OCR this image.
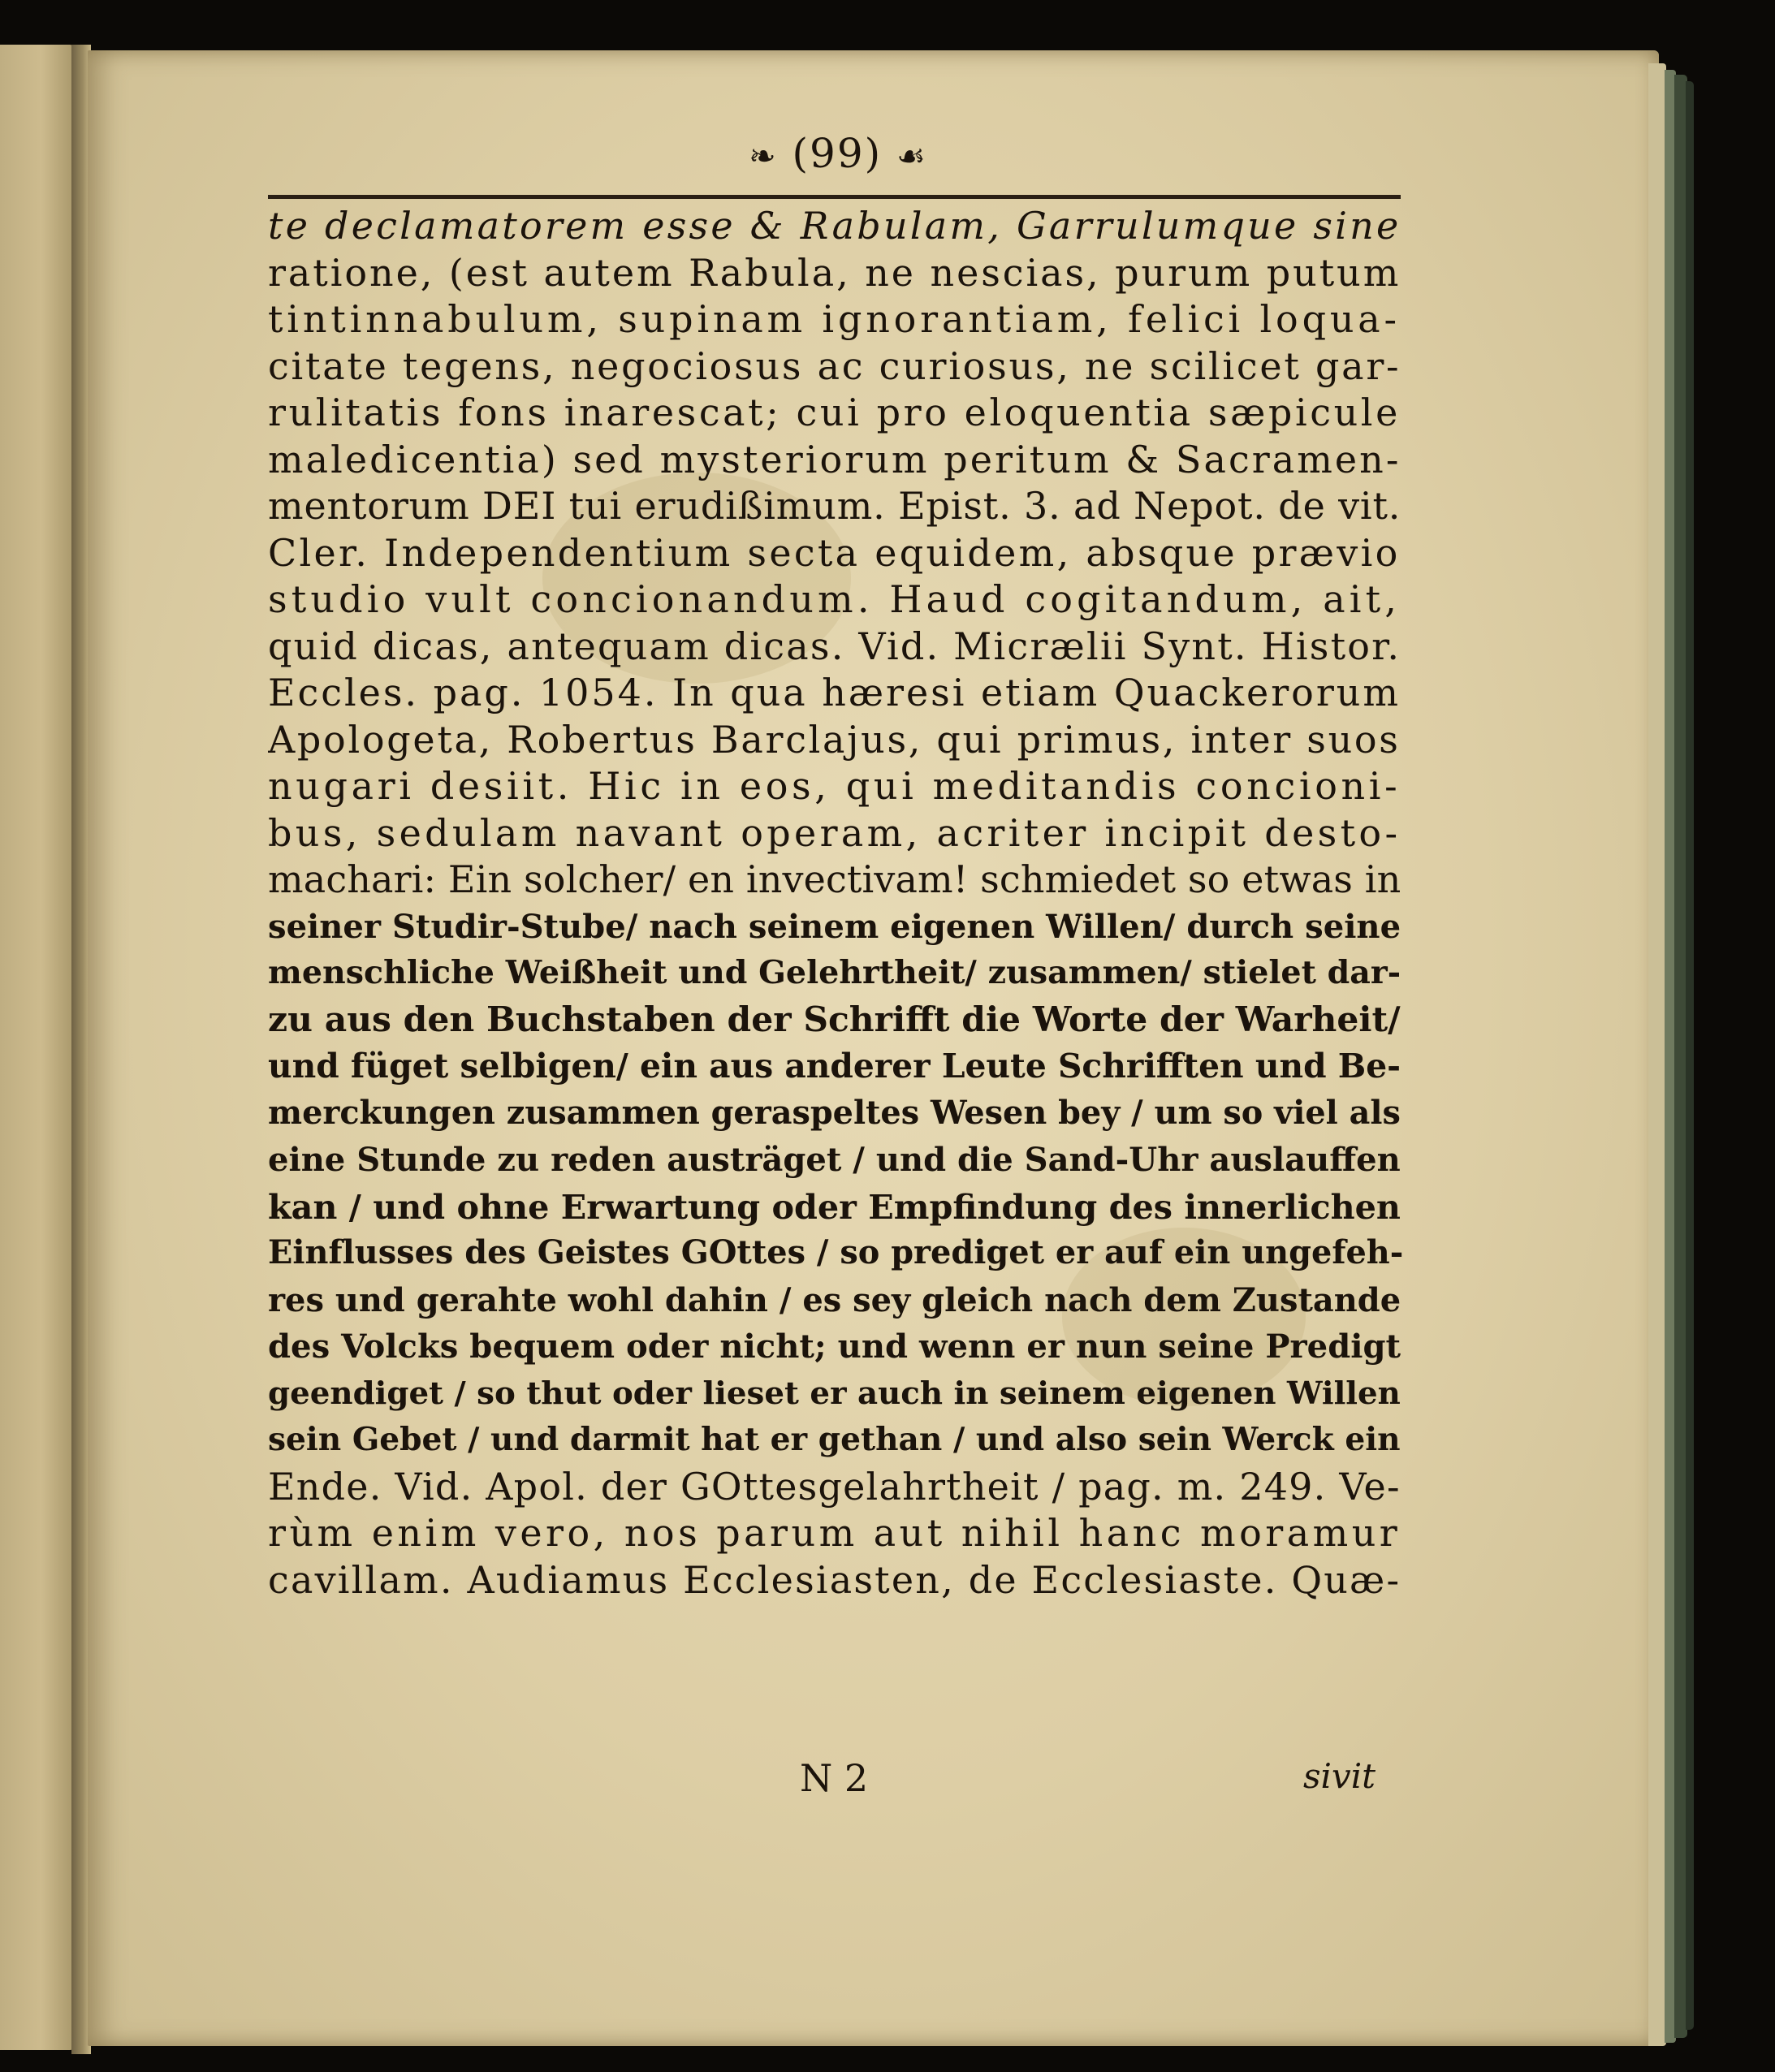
❧ (99) ☙
te declamatorem esse & Rabulam, Garrulumque sine
ratione, (est autem Rabula, ne nescias, purum putum
tintinnabulum, supinam ignorantiam, felici loqua-
citate tegens, negociosus ac curiosus, ne scilicet gar-
rulitatis fons inarescat; cui pro eloquentia sæpicule
maledicentia) sed mysteriorum peritum & Sacramen-
mentorum DEI tui erudißimum. Epist. 3. ad Nepot. de vit.
Cler. Independentium secta equidem, absque prævio
studio vult concionandum. Haud cogitandum, ait,
quid dicas, antequam dicas. Vid. Micrælii Synt. Histor.
Eccles. pag. 1054. In qua hæresi etiam Quackerorum
Apologeta, Robertus Barclajus, qui primus, inter suos
nugari desiit. Hic in eos, qui meditandis concioni-
bus, sedulam navant operam, acriter incipit desto-
machari: Ein solcher/ en invectivam! schmiedet so etwas in
seiner Studir-Stube/ nach seinem eigenen Willen/ durch seine
menschliche Weißheit und Gelehrtheit/ zusammen/ stielet dar-
zu aus den Buchstaben der Schrifft die Worte der Warheit/
und füget selbigen/ ein aus anderer Leute Schrifften und Be-
merckungen zusammen geraspeltes Wesen bey / um so viel als
eine Stunde zu reden austräget / und die Sand-Uhr auslauffen
kan / und ohne Erwartung oder Empfindung des innerlichen
Einflusses des Geistes GOttes / so prediget er auf ein ungefeh-
res und gerahte wohl dahin / es sey gleich nach dem Zustande
des Volcks bequem oder nicht; und wenn er nun seine Predigt
geendiget / so thut oder lieset er auch in seinem eigenen Willen
sein Gebet / und darmit hat er gethan / und also sein Werck ein
Ende. Vid. Apol. der GOttesgelahrtheit / pag. m. 249. Ve-
rùm enim vero, nos parum aut nihil hanc moramur
cavillam. Audiamus Ecclesiasten, de Ecclesiaste. Quæ-
N 2	sivit
